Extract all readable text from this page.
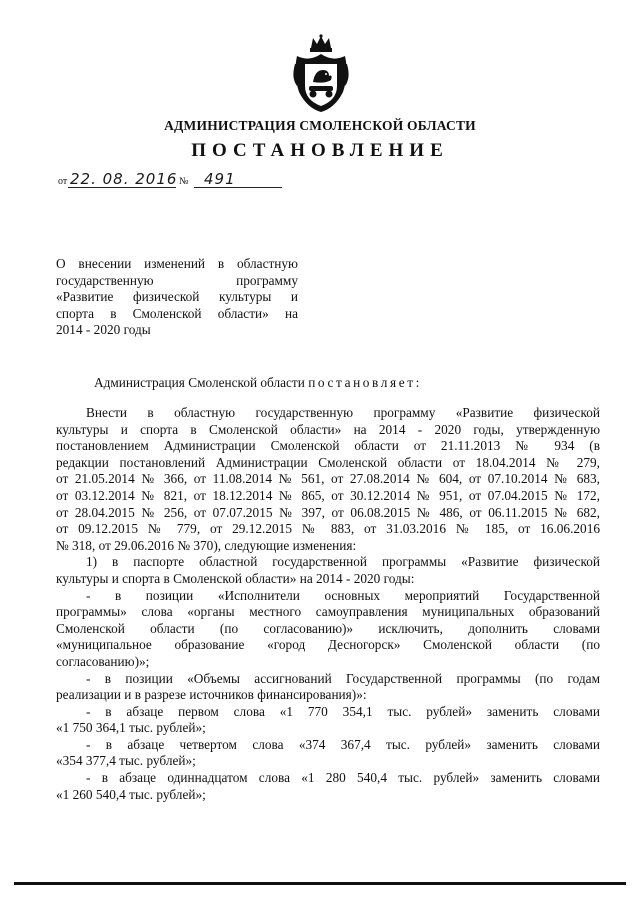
АДМИНИСТРАЦИЯ СМОЛЕНСКОЙ ОБЛАСТИ
ПОСТАНОВЛЕНИЕ
от 22. 08. 2016 № 491
О внесении изменений в областную
государственную программу
«Развитие физической культуры и
спорта в Смоленской области» на
2014 - 2020 годы
Администрация Смоленской области постановляет:
Внести в областную государственную программу «Развитие физической
культуры и спорта в Смоленской области» на 2014 - 2020 годы, утвержденную
постановлением Администрации Смоленской области от 21.11.2013 № 934 (в
редакции постановлений Администрации Смоленской области от 18.04.2014 № 279,
от 21.05.2014 № 366, от 11.08.2014 № 561, от 27.08.2014 № 604, от 07.10.2014 № 683,
от 03.12.2014 № 821, от 18.12.2014 № 865, от 30.12.2014 № 951, от 07.04.2015 № 172,
от 28.04.2015 № 256, от 07.07.2015 № 397, от 06.08.2015 № 486, от 06.11.2015 № 682,
от 09.12.2015 № 779, от 29.12.2015 № 883, от 31.03.2016 № 185, от 16.06.2016
№ 318, от 29.06.2016 № 370), следующие изменения:
1) в паспорте областной государственной программы «Развитие физической
культуры и спорта в Смоленской области» на 2014 - 2020 годы:
- в позиции «Исполнители основных мероприятий Государственной
программы» слова «органы местного самоуправления муниципальных образований
Смоленской области (по согласованию)» исключить, дополнить словами
«муниципальное образование «город Десногорск» Смоленской области (по
согласованию)»;
- в позиции «Объемы ассигнований Государственной программы (по годам
реализации и в разрезе источников финансирования)»:
- в абзаце первом слова «1 770 354,1 тыс. рублей» заменить словами
«1 750 364,1 тыс. рублей»;
- в абзаце четвертом слова «374 367,4 тыс. рублей» заменить словами
«354 377,4 тыс. рублей»;
- в абзаце одиннадцатом слова «1 280 540,4 тыс. рублей» заменить словами
«1 260 540,4 тыс. рублей»;
